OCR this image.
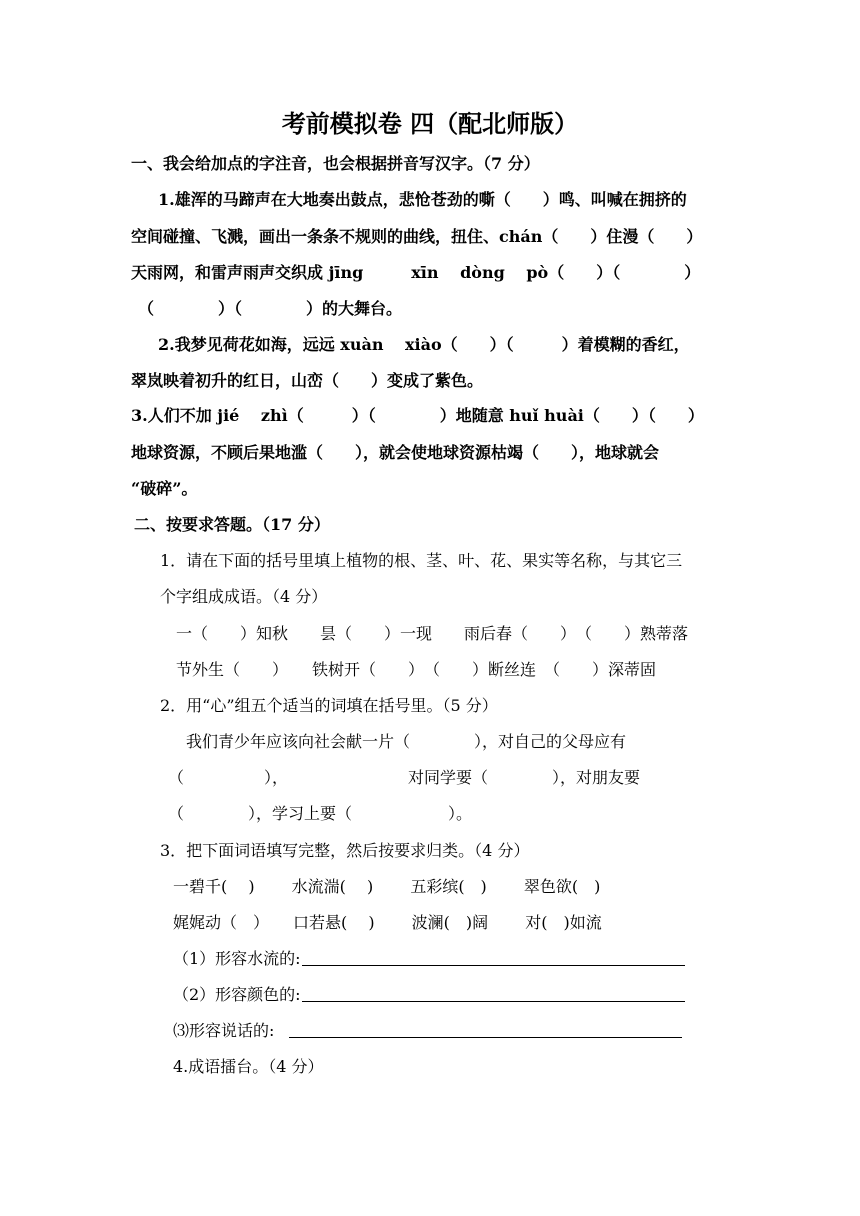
考前模拟卷 四（配北师版）
一、我会给加点的字注音，也会根据拼音写汉字。（7 分）
1.雄浑的马蹄声在大地奏出鼓点，悲怆苍劲的嘶（　　）鸣、叫喊在拥挤的
空间碰撞、飞溅，画出一条条不规则的曲线，扭住、chán（　　）住漫（　　）
天雨网，和雷声雨声交织成 jīng　　　xīn　 dòng　 pò（　　）（　　　　）
（　　　　）（　　　　）的大舞台。
2.我梦见荷花如海，远远 xuàn　 xiào（　　）（　　　）着模糊的香红，
翠岚映着初升的红日，山峦（　　）变成了紫色。
3.人们不加 jié　 zhì（　　　）（　　　　）地随意 huǐ huài（　　）（　　）
地球资源，不顾后果地滥（　　），就会使地球资源枯竭（　　），地球就会
“破碎”。
二、按要求答题。（17 分）
1．请在下面的括号里填上植物的根、茎、叶、花、果实等名称，与其它三
个字组成成语。（4 分）
一（　　）知秋　　昙（　　）一现　　雨后春（　　）　（　　）熟蒂落
节外生（　　）　　铁树开（　　）　（　　）断丝连　（　　）深蒂固
2．用“心”组五个适当的词填在括号里。（5 分）
我们青少年应该向社会献一片（　　　　），对自己的父母应有
（　　　　　），　　　　　　　　对同学要（　　　　），对朋友要
（　　　　），学习上要（　　　　　　）。
3．把下面词语填写完整，然后按要求归类。（4 分）
一碧千(　 )　　 水流湍(　 )　　 五彩缤(　)　　 翠色欲(　)
娓娓动（　）　　口若悬(　 )　　 波澜(　)阔　　 对(　)如流
（1）形容水流的:
（2）形容颜色的:
⑶形容说话的:
4.成语擂台。（4 分）
